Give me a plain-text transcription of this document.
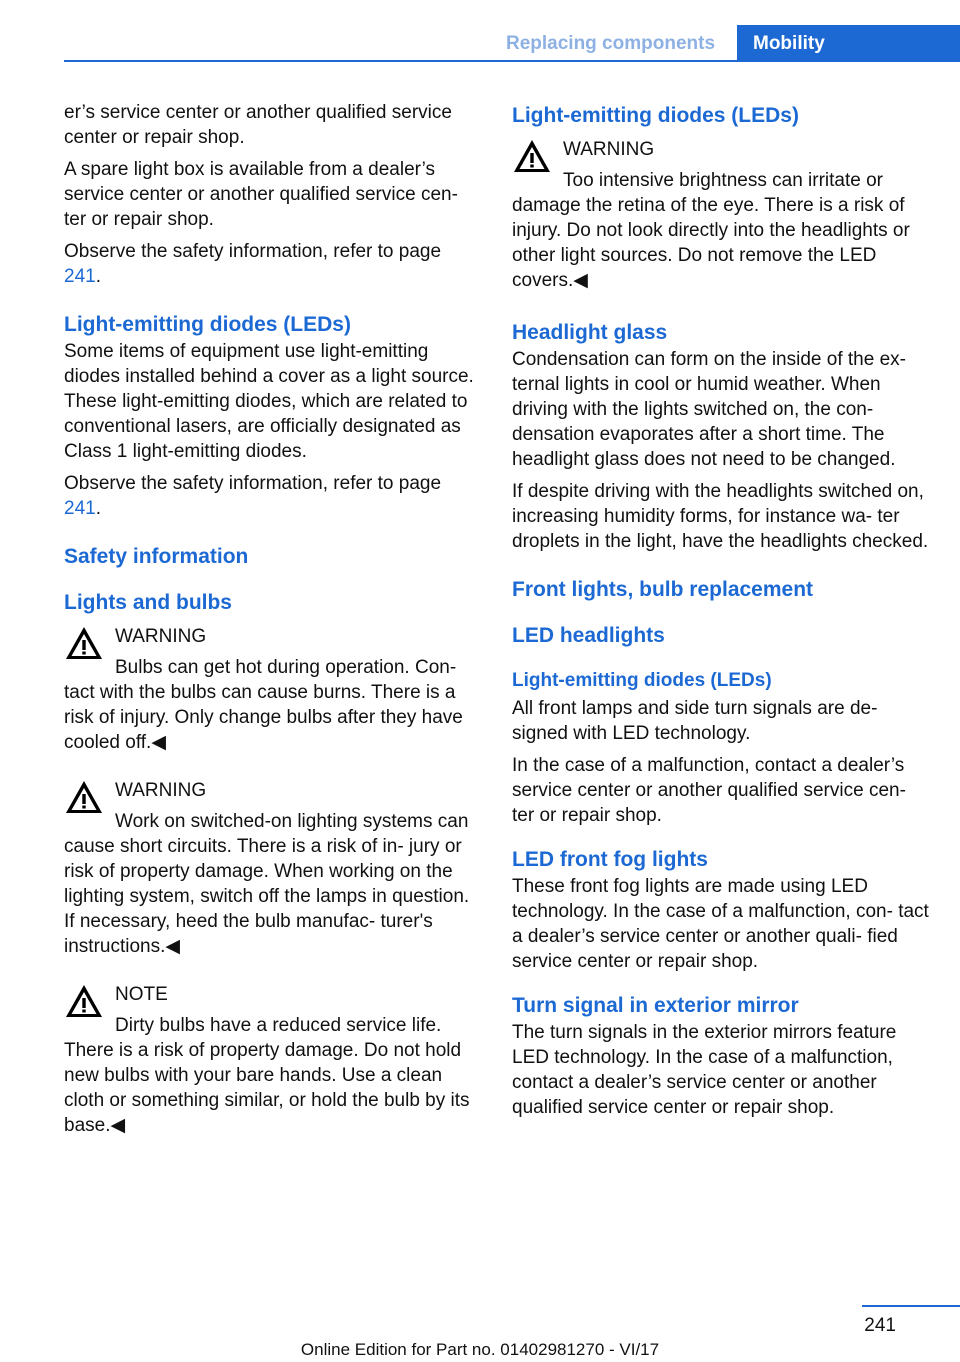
Replacing components	Mobility

er’s service center or another qualified service center or repair shop.

A spare light box is available from a dealer’s service center or another qualified service cen‐ ter or repair shop.

Observe the safety information, refer to page 241.

Light-emitting diodes (LEDs)

Some items of equipment use light-emitting diodes installed behind a cover as a light source. These light-emitting diodes, which are related to conventional lasers, are officially designated as Class 1 light-emitting diodes.

Observe the safety information, refer to page 241.

Safety information
Lights and bulbs
WARNING
Bulbs can get hot during operation. Con‐ tact with the bulbs can cause burns. There is a risk of injury. Only change bulbs after they have cooled off.◀
WARNING
Work on switched-on lighting systems can cause short circuits. There is a risk of in‐ jury or risk of property damage. When working on the lighting system, switch off the lamps in question. If necessary, heed the bulb manufac‐ turer's instructions.◀
NOTE
Dirty bulbs have a reduced service life. There is a risk of property damage. Do not hold new bulbs with your bare hands. Use a clean cloth or something similar, or hold the bulb by its base.◀
Light-emitting diodes (LEDs)
WARNING
Too intensive brightness can irritate or damage the retina of the eye. There is a risk of injury. Do not look directly into the headlights or other light sources. Do not remove the LED covers.◀
Headlight glass

Condensation can form on the inside of the ex‐ ternal lights in cool or humid weather. When driving with the lights switched on, the con‐ densation evaporates after a short time. The headlight glass does not need to be changed.

If despite driving with the headlights switched on, increasing humidity forms, for instance wa‐ ter droplets in the light, have the headlights checked.

Front lights, bulb replacement
LED headlights
Light-emitting diodes (LEDs)

All front lamps and side turn signals are de‐ signed with LED technology.

In the case of a malfunction, contact a dealer’s service center or another qualified service cen‐ ter or repair shop.

LED front fog lights

These front fog lights are made using LED technology. In the case of a malfunction, con‐ tact a dealer’s service center or another quali‐ fied service center or repair shop.

Turn signal in exterior mirror

The turn signals in the exterior mirrors feature LED technology. In the case of a malfunction, contact a dealer’s service center or another qualified service center or repair shop.

241
Online Edition for Part no. 01402981270 - VI/17
